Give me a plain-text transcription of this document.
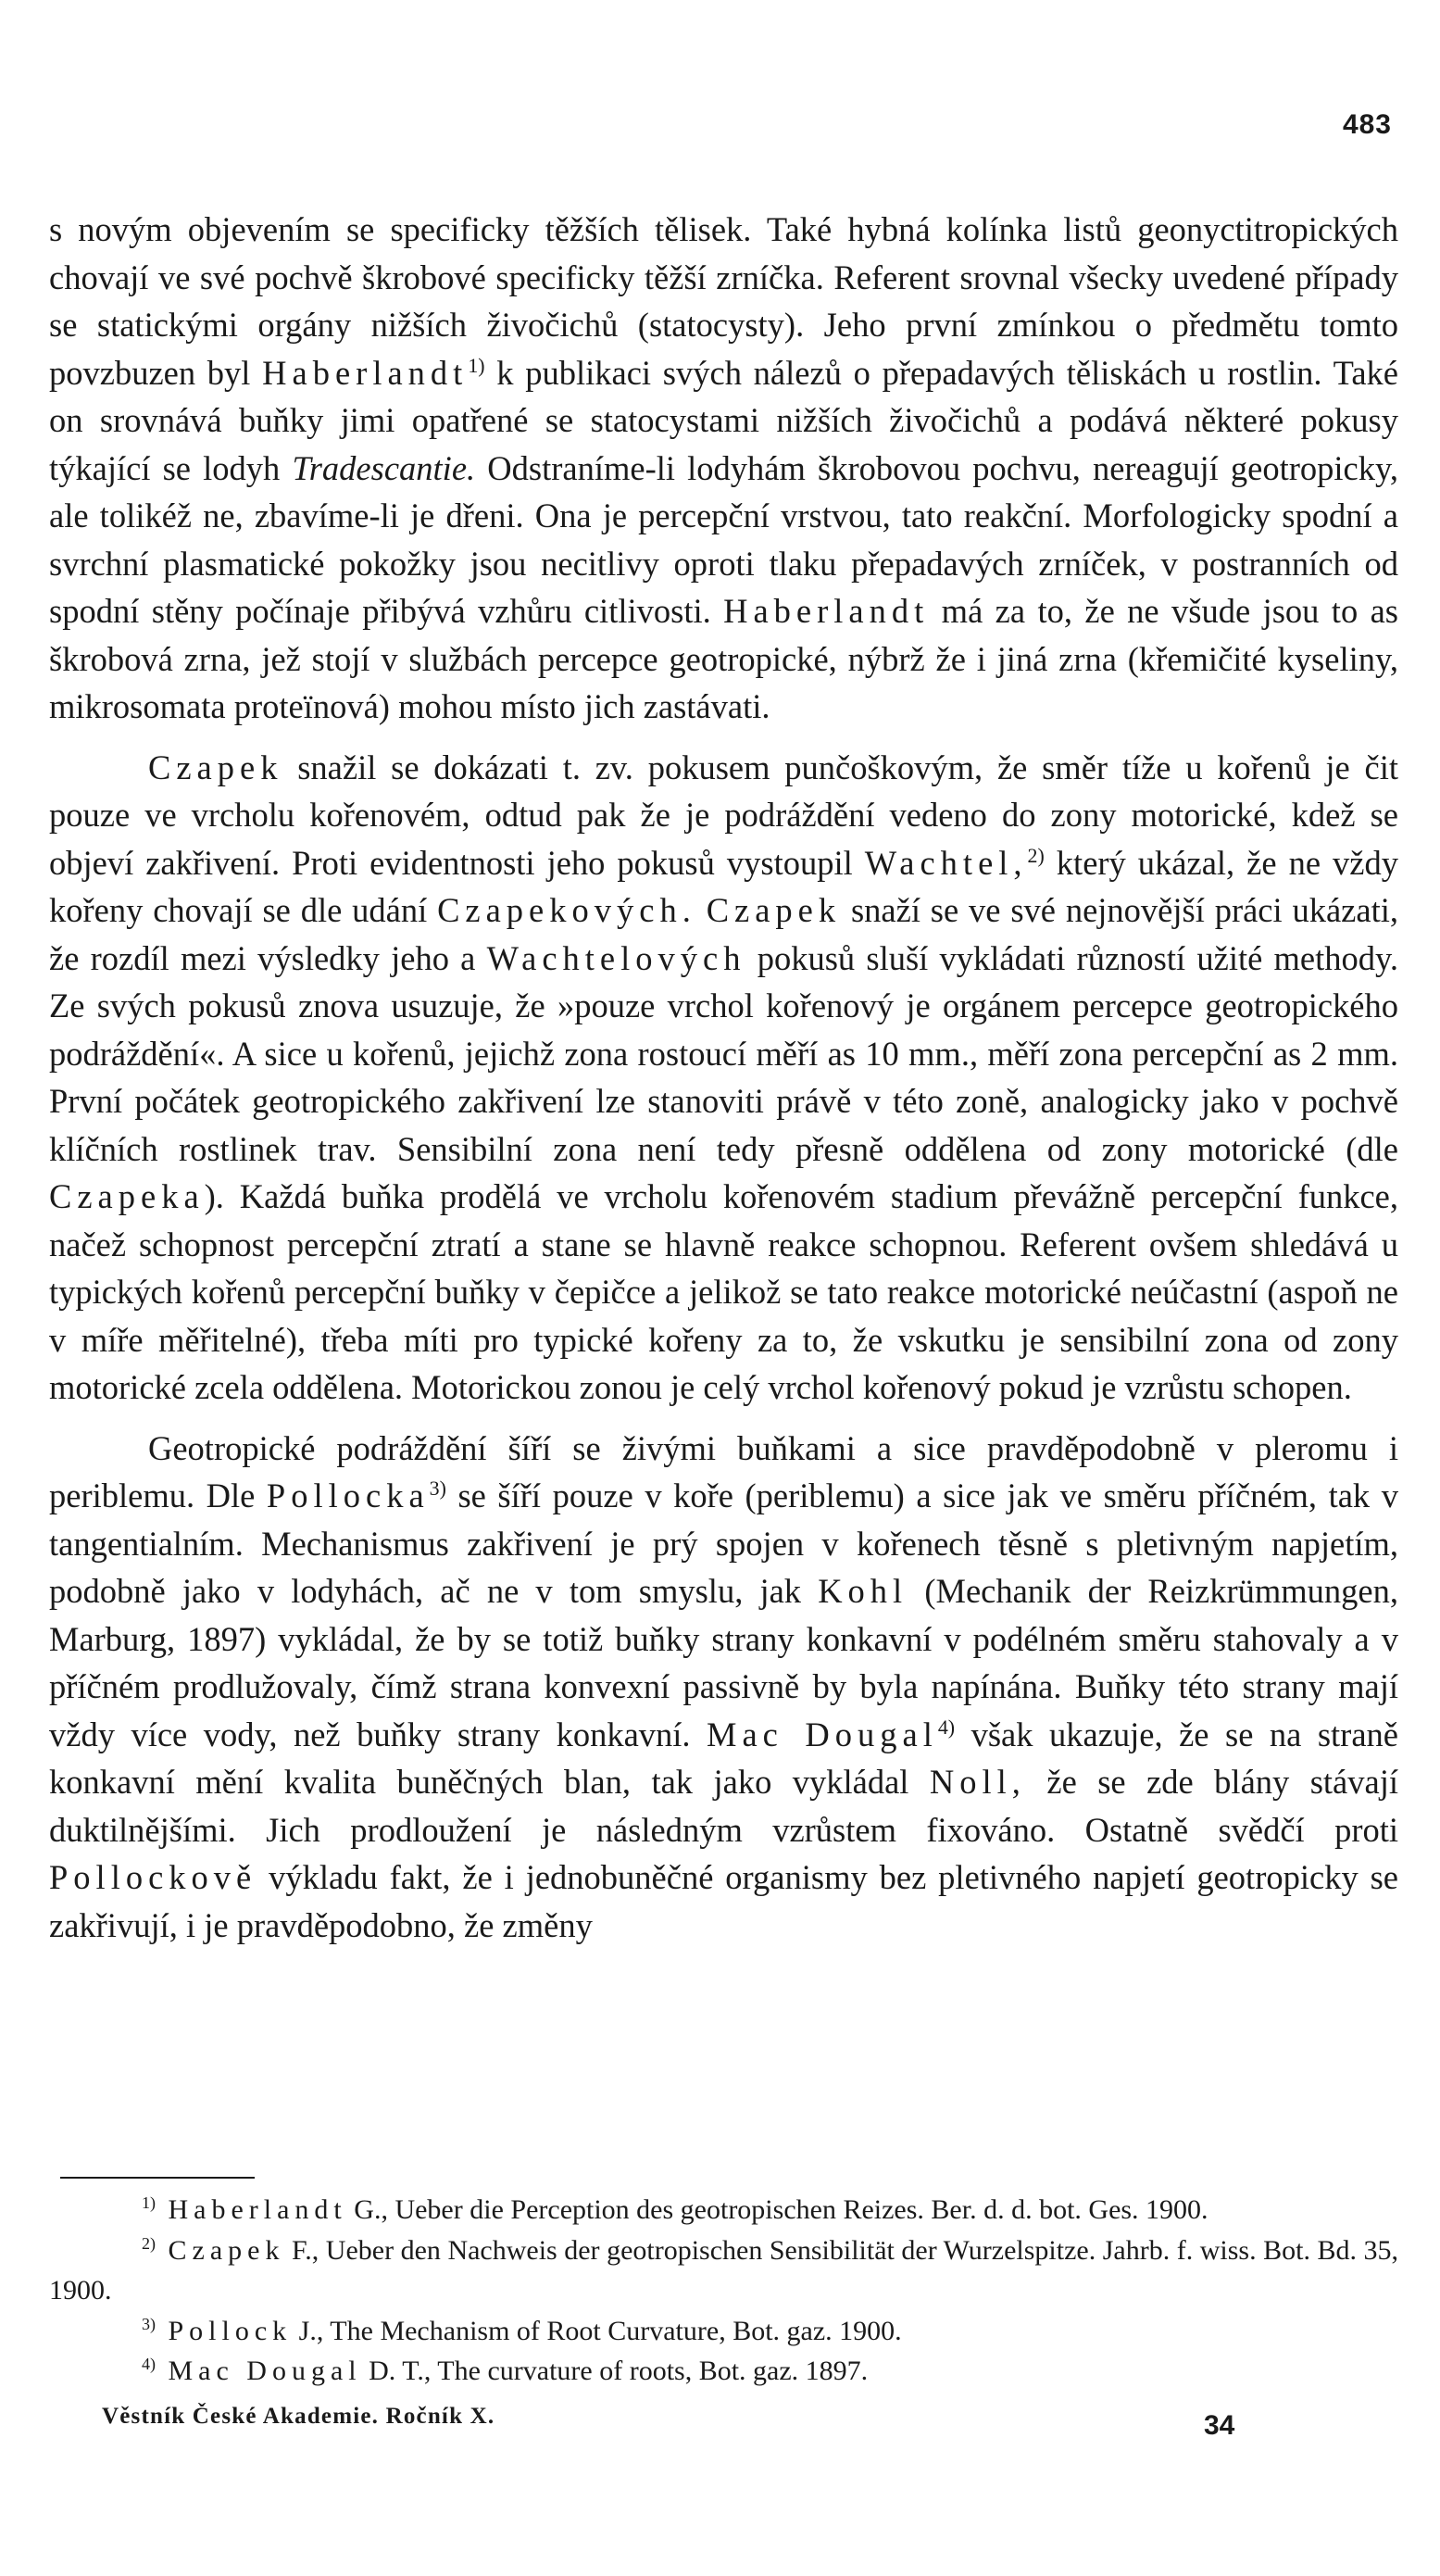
483

s novým objevením se specificky těžších tělisek. Také hybná kolínka listů geonyctitropických chovají ve své pochvě škrobové specificky těžší zrníčka. Referent srovnal všecky uvedené případy se statickými orgány nižších živočichů (statocysty). Jeho první zmínkou o předmětu tomto povzbuzen byl Haberlandt$^{1)}$ k publikaci svých nálezů o přepadavých těliskách u rostlin. Také on srovnává buňky jimi opatřené se statocystami nižších živočichů a podává některé pokusy týkající se lodyh Tradescantie. Odstraníme-li lodyhám škrobovou pochvu, nereagují geotropicky, ale tolikéž ne, zbavíme-li je dřeni. Ona je percepční vrstvou, tato reakční. Morfologicky spodní a svrchní plasmatické pokožky jsou necitlivy oproti tlaku přepadavých zrníček, v postranních od spodní stěny počínaje přibývá vzhůru citlivosti. Haberlandt má za to, že ne všude jsou to as škrobová zrna, jež stojí v službách percepce geotropické, nýbrž že i jiná zrna (křemičité kyseliny, mikrosomata proteïnová) mohou místo jich zastávati.

Czapek snažil se dokázati t. zv. pokusem punčoškovým, že směr tíže u kořenů je čit pouze ve vrcholu kořenovém, odtud pak že je podráždění vedeno do zony motorické, kdež se objeví zakřivení. Proti evidentnosti jeho pokusů vystoupil Wachtel,$^{2)}$ který ukázal, že ne vždy kořeny chovají se dle udání Czapekových. Czapek snaží se ve své nejnovější práci ukázati, že rozdíl mezi výsledky jeho a Wachtelových pokusů sluší vykládati růzností užité methody. Ze svých pokusů znova usuzuje, že »pouze vrchol kořenový je orgánem percepce geotropického podráždění«. A sice u kořenů, jejichž zona rostoucí měří as 10 mm., měří zona percepční as 2 mm. První počátek geotropického zakřivení lze stanoviti právě v této zoně, analogicky jako v pochvě klíčních rostlinek trav. Sensibilní zona není tedy přesně oddělena od zony motorické (dle Czapeka). Každá buňka prodělá ve vrcholu kořenovém stadium převážně percepční funkce, načež schopnost percepční ztratí a stane se hlavně reakce schopnou. Referent ovšem shledává u typických kořenů percepční buňky v čepičce a jelikož se tato reakce motorické neúčastní (aspoň ne v míře měřitelné), třeba míti pro typické kořeny za to, že vskutku je sensibilní zona od zony motorické zcela oddělena. Motorickou zonou je celý vrchol kořenový pokud je vzrůstu schopen.

Geotropické podráždění šíří se živými buňkami a sice pravděpodobně v pleromu i periblemu. Dle Pollocka$^{3)}$ se šíří pouze v koře (periblemu) a sice jak ve směru příčném, tak v tangentialním. Mechanismus zakřivení je prý spojen v kořenech těsně s pletivným napjetím, podobně jako v lodyhách, ač ne v tom smyslu, jak Kohl (Mechanik der Reizkrümmungen, Marburg, 1897) vykládal, že by se totiž buňky strany konkavní v podélném směru stahovaly a v příčném prodlužovaly, čímž strana konvexní passivně by byla napínána. Buňky této strany mají vždy více vody, než buňky strany konkavní. Mac Dougal$^{4)}$ však ukazuje, že se na straně konkavní mění kvalita buněčných blan, tak jako vykládal Noll, že se zde blány stávají duktilnějšími. Jich prodloužení je následným vzrůstem fixováno. Ostatně svědčí proti Pollockově výkladu fakt, že i jednobuněčné organismy bez pletivného napjetí geotropicky se zakřivují, i je pravděpodobno, že změny

$^{1)}$ Haberlandt G., Ueber die Perception des geotropischen Reizes. Ber. d. d. bot. Ges. 1900.

$^{2)}$ Czapek F., Ueber den Nachweis der geotropischen Sensibilität der Wurzelspitze. Jahrb. f. wiss. Bot. Bd. 35, 1900.

$^{3)}$ Pollock J., The Mechanism of Root Curvature, Bot. gaz. 1900.

$^{4)}$ Mac Dougal D. T., The curvature of roots, Bot. gaz. 1897.

Věstník České Akademie. Ročník X.	34
